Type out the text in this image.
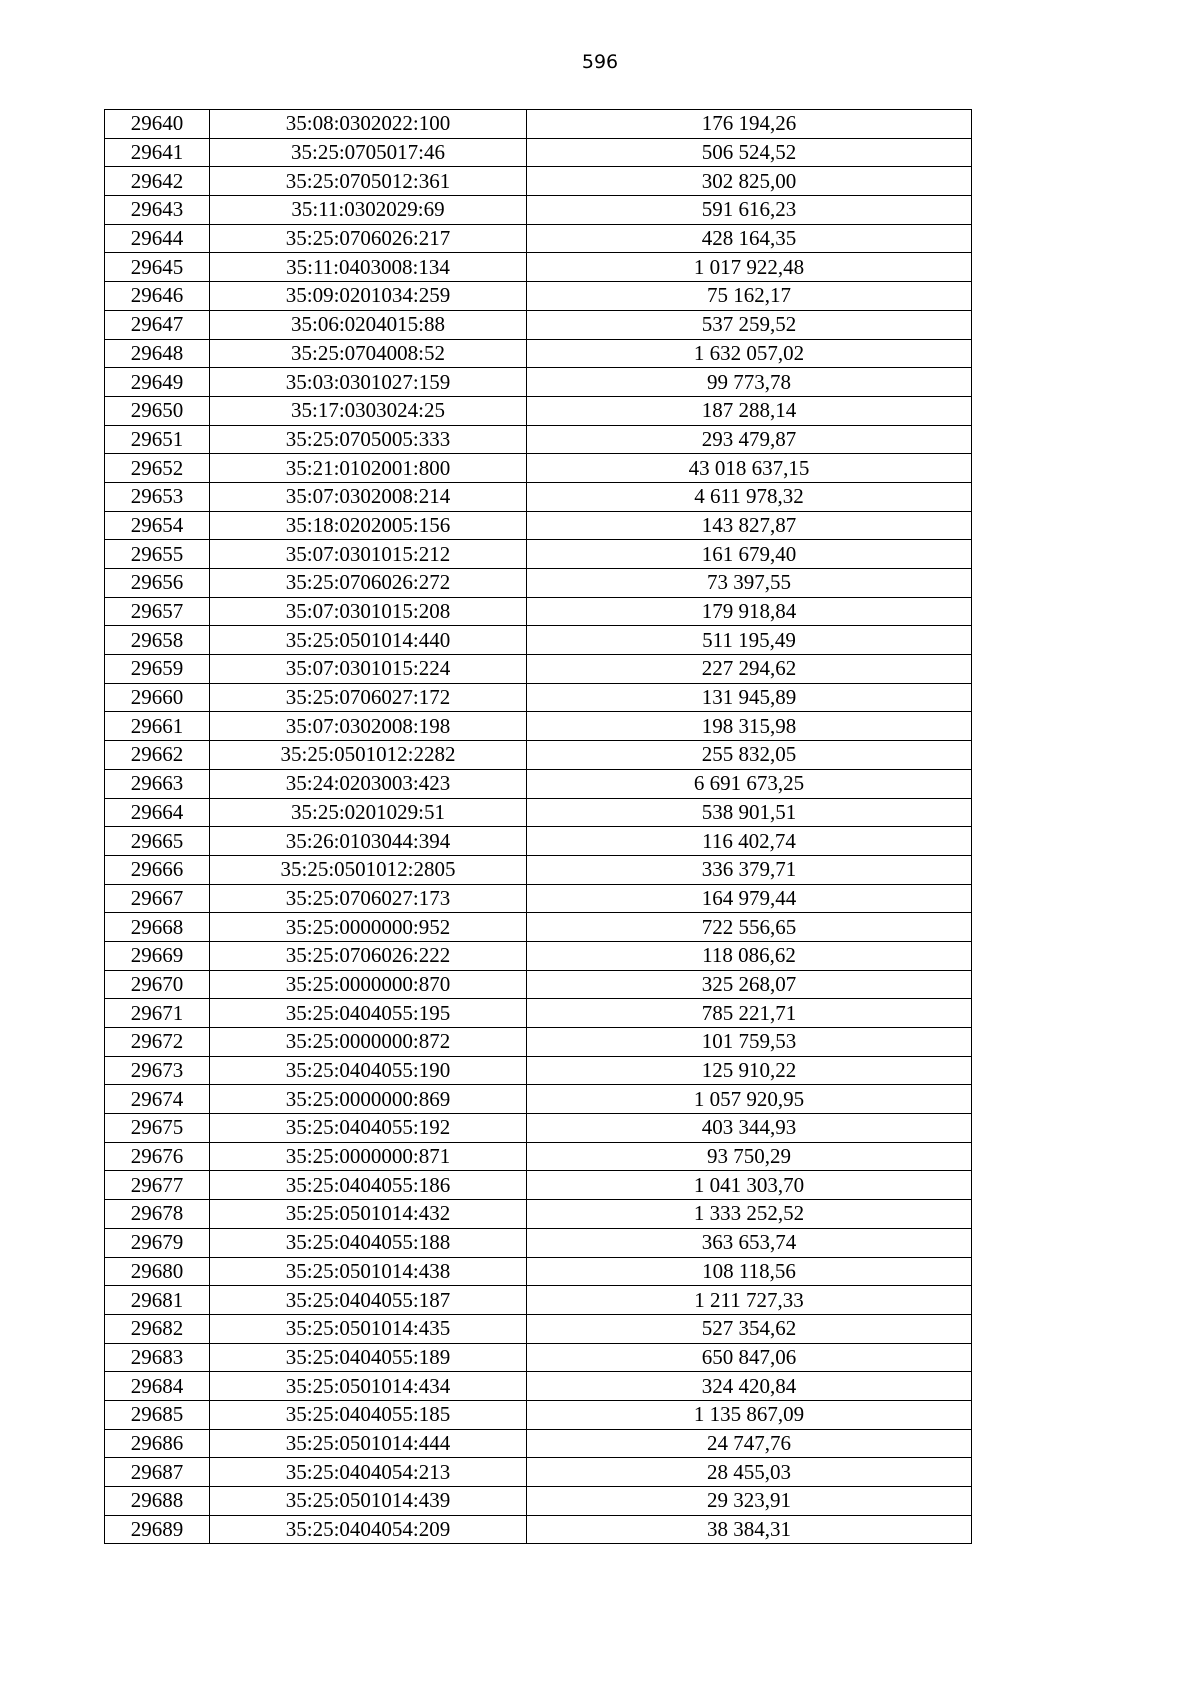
596
29640	35:08:0302022:100	176 194,26
29641	35:25:0705017:46	506 524,52
29642	35:25:0705012:361	302 825,00
29643	35:11:0302029:69	591 616,23
29644	35:25:0706026:217	428 164,35
29645	35:11:0403008:134	1 017 922,48
29646	35:09:0201034:259	75 162,17
29647	35:06:0204015:88	537 259,52
29648	35:25:0704008:52	1 632 057,02
29649	35:03:0301027:159	99 773,78
29650	35:17:0303024:25	187 288,14
29651	35:25:0705005:333	293 479,87
29652	35:21:0102001:800	43 018 637,15
29653	35:07:0302008:214	4 611 978,32
29654	35:18:0202005:156	143 827,87
29655	35:07:0301015:212	161 679,40
29656	35:25:0706026:272	73 397,55
29657	35:07:0301015:208	179 918,84
29658	35:25:0501014:440	511 195,49
29659	35:07:0301015:224	227 294,62
29660	35:25:0706027:172	131 945,89
29661	35:07:0302008:198	198 315,98
29662	35:25:0501012:2282	255 832,05
29663	35:24:0203003:423	6 691 673,25
29664	35:25:0201029:51	538 901,51
29665	35:26:0103044:394	116 402,74
29666	35:25:0501012:2805	336 379,71
29667	35:25:0706027:173	164 979,44
29668	35:25:0000000:952	722 556,65
29669	35:25:0706026:222	118 086,62
29670	35:25:0000000:870	325 268,07
29671	35:25:0404055:195	785 221,71
29672	35:25:0000000:872	101 759,53
29673	35:25:0404055:190	125 910,22
29674	35:25:0000000:869	1 057 920,95
29675	35:25:0404055:192	403 344,93
29676	35:25:0000000:871	93 750,29
29677	35:25:0404055:186	1 041 303,70
29678	35:25:0501014:432	1 333 252,52
29679	35:25:0404055:188	363 653,74
29680	35:25:0501014:438	108 118,56
29681	35:25:0404055:187	1 211 727,33
29682	35:25:0501014:435	527 354,62
29683	35:25:0404055:189	650 847,06
29684	35:25:0501014:434	324 420,84
29685	35:25:0404055:185	1 135 867,09
29686	35:25:0501014:444	24 747,76
29687	35:25:0404054:213	28 455,03
29688	35:25:0501014:439	29 323,91
29689	35:25:0404054:209	38 384,31
